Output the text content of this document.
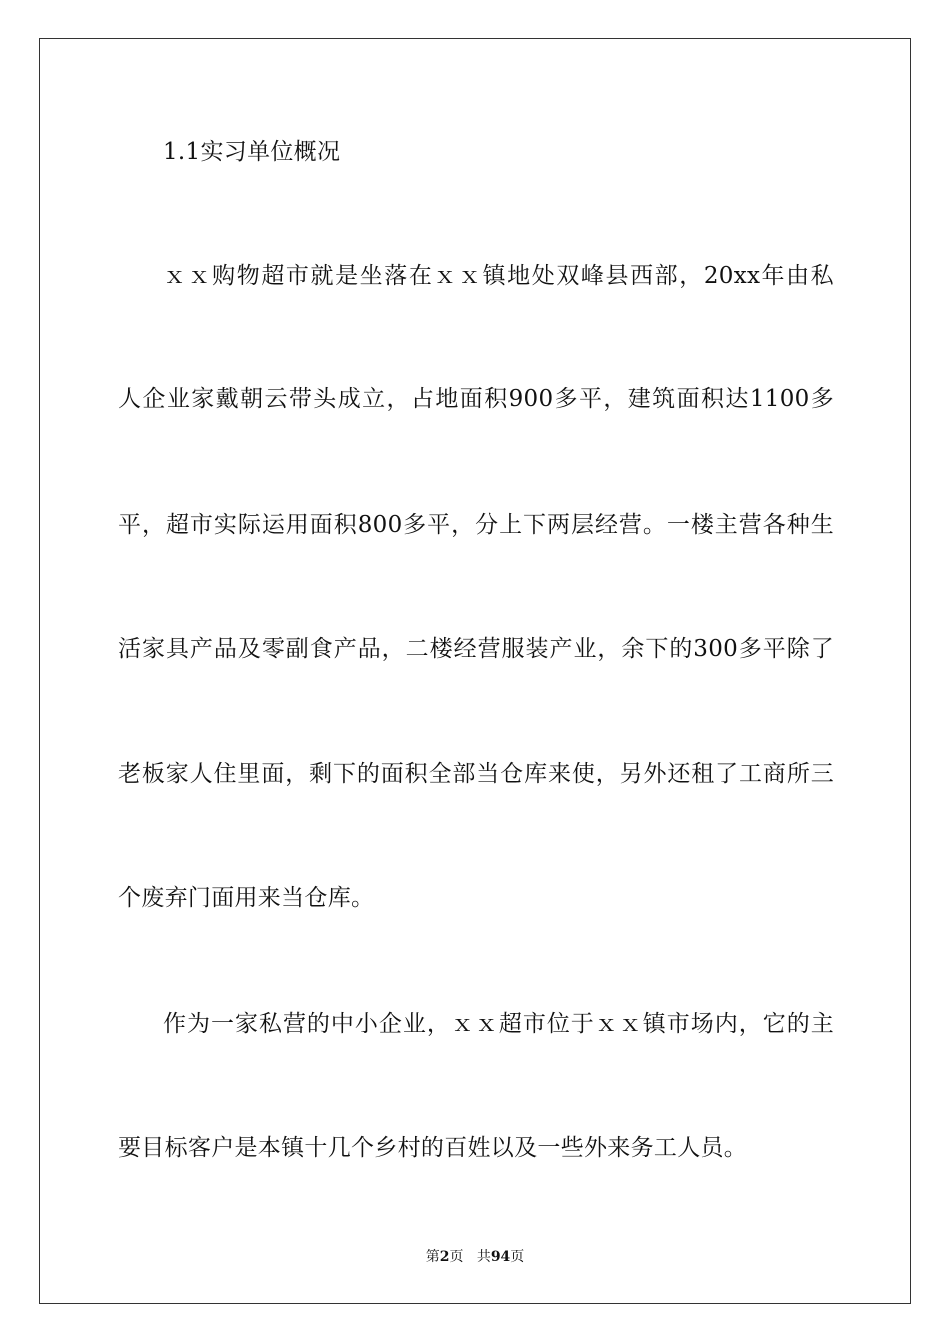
1.1实习单位概况
ｘｘ购物超市就是坐落在ｘｘ镇地处双峰县西部，20xx年由私
人企业家戴朝云带头成立，占地面积900多平，建筑面积达1100多
平，超市实际运用面积800多平，分上下两层经营。一楼主营各种生
活家具产品及零副食产品，二楼经营服装产业，余下的300多平除了
老板家人住里面，剩下的面积全部当仓库来使，另外还租了工商所三
个废弃门面用来当仓库。
作为一家私营的中小企业，ｘｘ超市位于ｘｘ镇市场内，它的主
要目标客户是本镇十几个乡村的百姓以及一些外来务工人员。
第2页 共94页
